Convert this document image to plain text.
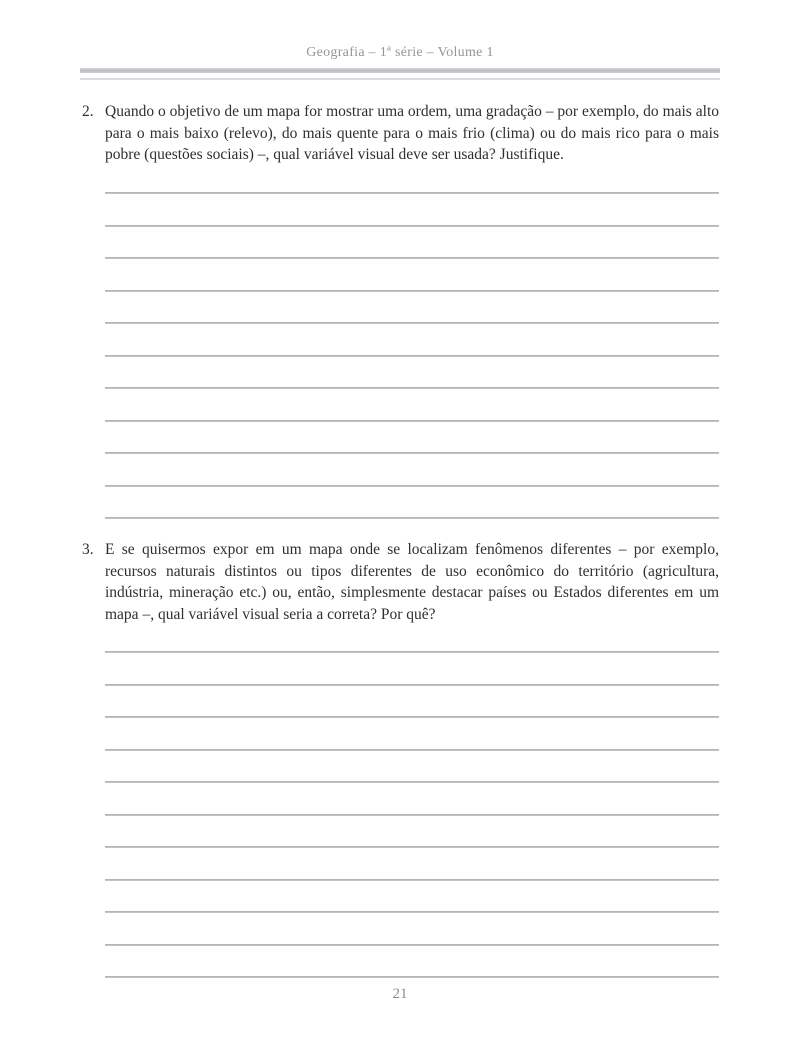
Geografia – 1ª série – Volume 1
2. Quando o objetivo de um mapa for mostrar uma ordem, uma gradação – por exemplo, do mais alto para o mais baixo (relevo), do mais quente para o mais frio (clima) ou do mais rico para o mais pobre (questões sociais) –, qual variável visual deve ser usada? Justifique.

3. E se quisermos expor em um mapa onde se localizam fenômenos diferentes – por exemplo, recursos naturais distintos ou tipos diferentes de uso econômico do território (agricultura, indústria, mineração etc.) ou, então, simplesmente destacar países ou Estados diferentes em um mapa –, qual variável visual seria a correta? Por quê?

21
